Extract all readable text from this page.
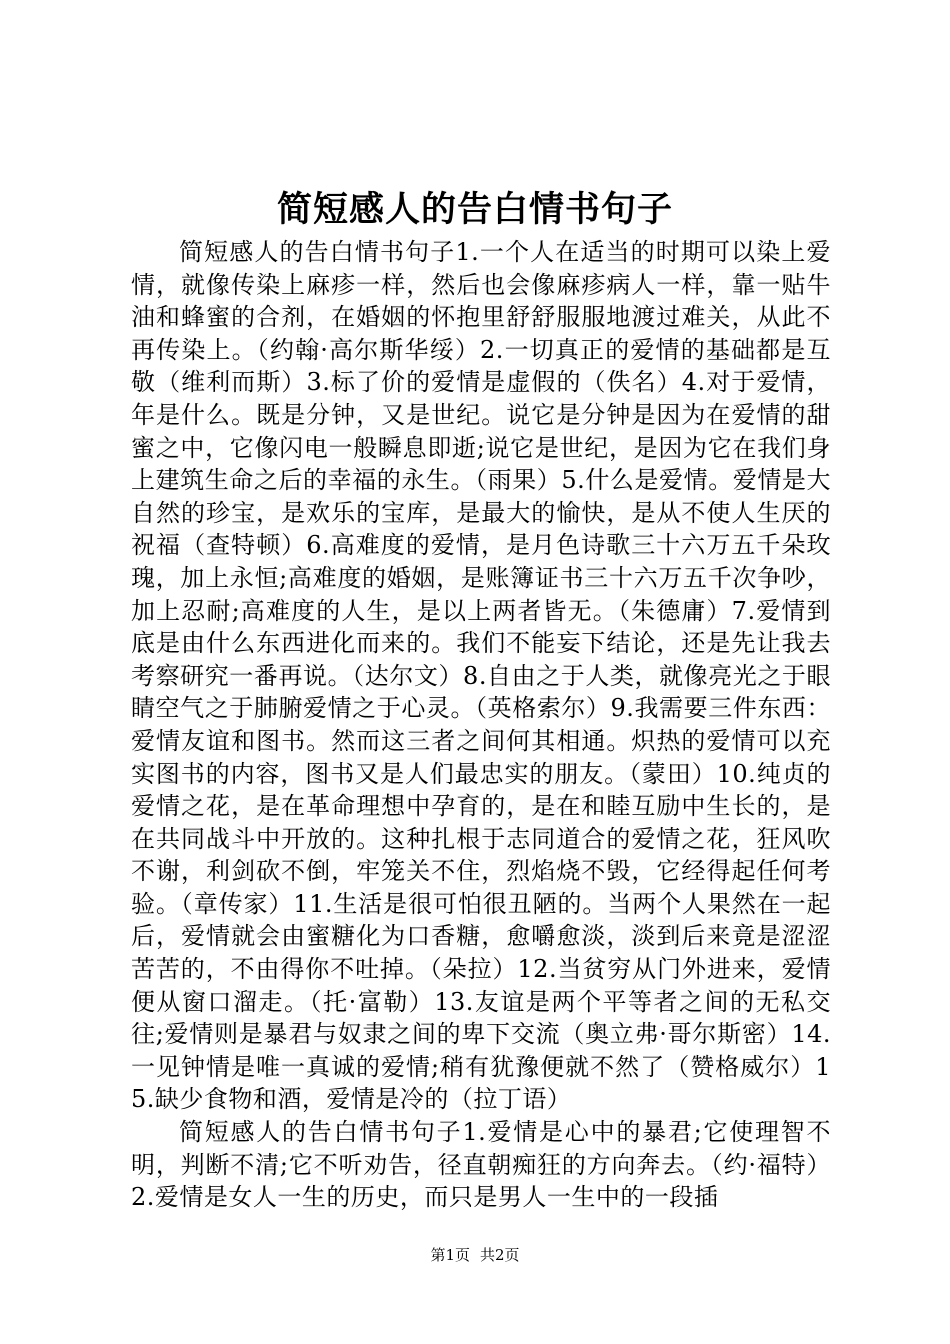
简短感人的告白情书句子

简短感人的告白情书句子1.一个人在适当的时期可以染上爱情，就像传染上麻疹一样，然后也会像麻疹病人一样，靠一贴牛油和蜂蜜的合剂，在婚姻的怀抱里舒舒服服地渡过难关，从此不再传染上。（约翰·高尔斯华绥）2.一切真正的爱情的基础都是互敬（维利而斯）3.标了价的爱情是虚假的（佚名）4.对于爱情，年是什么。既是分钟，又是世纪。说它是分钟是因为在爱情的甜蜜之中，它像闪电一般瞬息即逝;说它是世纪，是因为它在我们身上建筑生命之后的幸福的永生。（雨果）5.什么是爱情。爱情是大自然的珍宝，是欢乐的宝库，是最大的愉快，是从不使人生厌的祝福（查特顿）6.高难度的爱情，是月色诗歌三十六万五千朵玫瑰，加上永恒;高难度的婚姻，是账簿证书三十六万五千次争吵，加上忍耐;高难度的人生，是以上两者皆无。（朱德庸）7.爱情到底是由什么东西进化而来的。我们不能妄下结论，还是先让我去考察研究一番再说。（达尔文）8.自由之于人类，就像亮光之于眼睛空气之于肺腑爱情之于心灵。（英格索尔）9.我需要三件东西：爱情友谊和图书。然而这三者之间何其相通。炽热的爱情可以充实图书的内容，图书又是人们最忠实的朋友。（蒙田）10.纯贞的爱情之花，是在革命理想中孕育的，是在和睦互励中生长的，是在共同战斗中开放的。这种扎根于志同道合的爱情之花，狂风吹不谢，利剑砍不倒，牢笼关不住，烈焰烧不毁，它经得起任何考验。（章传家）11.生活是很可怕很丑陋的。当两个人果然在一起后，爱情就会由蜜糖化为口香糖，愈嚼愈淡，淡到后来竟是涩涩苦苦的，不由得你不吐掉。（朵拉）12.当贫穷从门外进来，爱情便从窗口溜走。（托·富勒）13.友谊是两个平等者之间的无私交往;爱情则是暴君与奴隶之间的卑下交流（奥立弗·哥尔斯密）14.一见钟情是唯一真诚的爱情;稍有犹豫便就不然了（赞格威尔）15.缺少食物和酒，爱情是冷的（拉丁语）

简短感人的告白情书句子1.爱情是心中的暴君;它使理智不明，判断不清;它不听劝告，径直朝痴狂的方向奔去。（约·福特）2.爱情是女人一生的历史，而只是男人一生中的一段插

第1页 共2页
